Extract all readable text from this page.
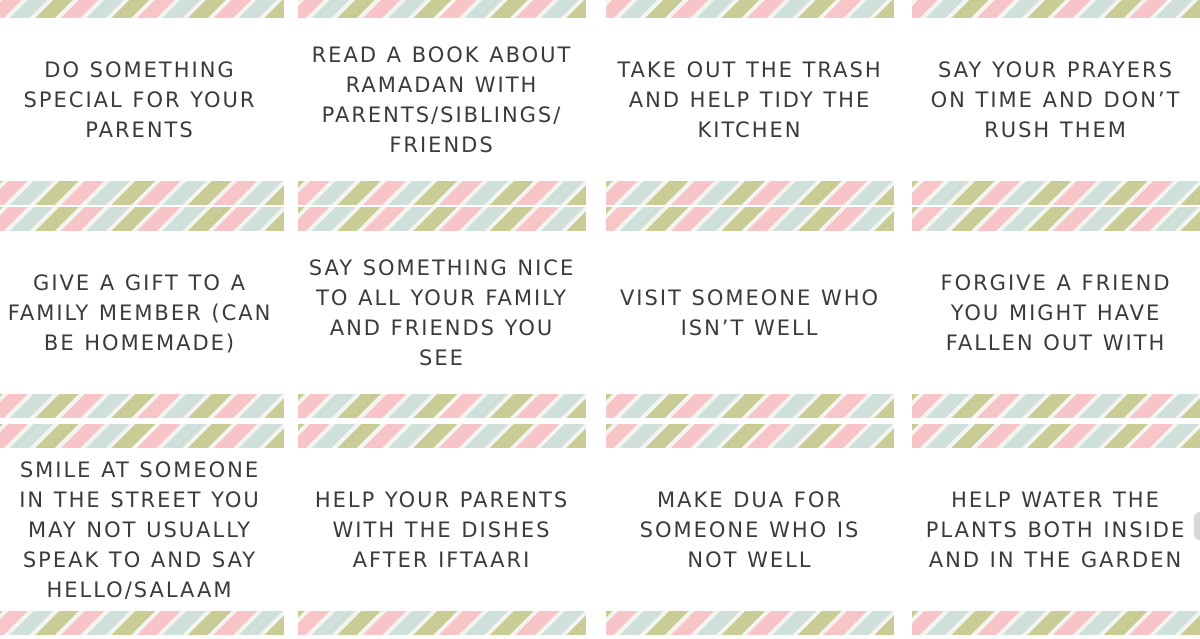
DO SOMETHING
SPECIAL FOR YOUR
PARENTS
READ A BOOK ABOUT
RAMADAN WITH
PARENTS/SIBLINGS/
FRIENDS
TAKE OUT THE TRASH
AND HELP TIDY THE
KITCHEN
SAY YOUR PRAYERS
ON TIME AND DON’T
RUSH THEM
GIVE A GIFT TO A
FAMILY MEMBER (CAN
BE HOMEMADE)
SAY SOMETHING NICE
TO ALL YOUR FAMILY
AND FRIENDS YOU
SEE
VISIT SOMEONE WHO
ISN’T WELL
FORGIVE A FRIEND
YOU MIGHT HAVE
FALLEN OUT WITH
SMILE AT SOMEONE
IN THE STREET YOU
MAY NOT USUALLY
SPEAK TO AND SAY
HELLO/SALAAM
HELP YOUR PARENTS
WITH THE DISHES
AFTER IFTAARI
MAKE DUA FOR
SOMEONE WHO IS
NOT WELL
HELP WATER THE
PLANTS BOTH INSIDE
AND IN THE GARDEN
